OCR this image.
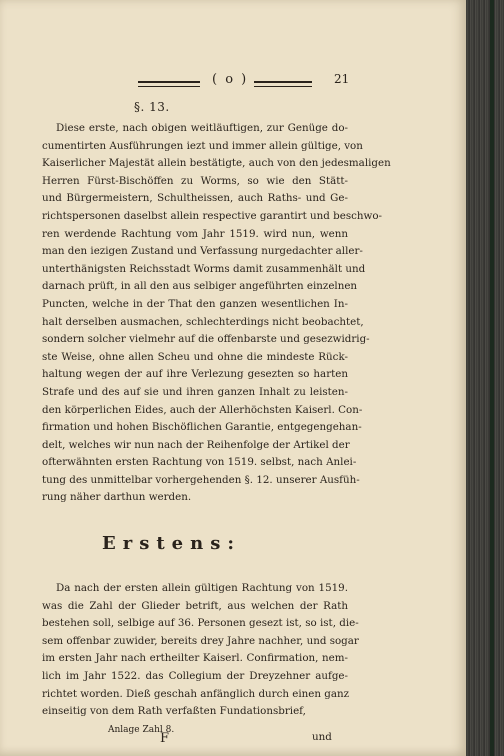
( o )	21
§. 13.
Diese erste, nach obigen weitläuftigen, zur Genüge do-
cumentirten Ausführungen iezt und immer allein gültige, von
Kaiserlicher Majestät allein bestätigte, auch von den jedesmaligen
Herren Fürst-Bischöffen zu Worms, so wie den Stätt-
und Bürgermeistern, Schultheissen, auch Raths- und Ge-
richtspersonen daselbst allein respective garantirt und beschwo-
ren werdende Rachtung vom Jahr 1519. wird nun, wenn
man den iezigen Zustand und Verfassung nurgedachter aller-
unterthänigsten Reichsstadt Worms damit zusammenhält und
darnach prüft, in all den aus selbiger angeführten einzelnen
Puncten, welche in der That den ganzen wesentlichen In-
halt derselben ausmachen, schlechterdings nicht beobachtet,
sondern solcher vielmehr auf die offenbarste und gesezwidrig-
ste Weise, ohne allen Scheu und ohne die mindeste Rück-
haltung wegen der auf ihre Verlezung gesezten so harten
Strafe und des auf sie und ihren ganzen Inhalt zu leisten-
den körperlichen Eides, auch der Allerhöchsten Kaiserl. Con-
firmation und hohen Bischöflichen Garantie, entgegengehan-
delt, welches wir nun nach der Reihenfolge der Artikel der
ofterwähnten ersten Rachtung von 1519. selbst, nach Anlei-
tung des unmittelbar vorhergehenden §. 12. unserer Ausfüh-
rung näher darthun werden.
Erstens:
Da nach der ersten allein gültigen Rachtung von 1519.
was die Zahl der Glieder betrift, aus welchen der Rath
bestehen soll, selbige auf 36. Personen gesezt ist, so ist, die-
sem offenbar zuwider, bereits drey Jahre nachher, und sogar
im ersten Jahr nach ertheilter Kaiserl. Confirmation, nem-
lich im Jahr 1522. das Collegium der Dreyzehner aufge-
richtet worden. Dieß geschah anfänglich durch einen ganz
einseitig von dem Rath verfaßten Fundationsbrief,
Anlage Zahl 8.
F	und
